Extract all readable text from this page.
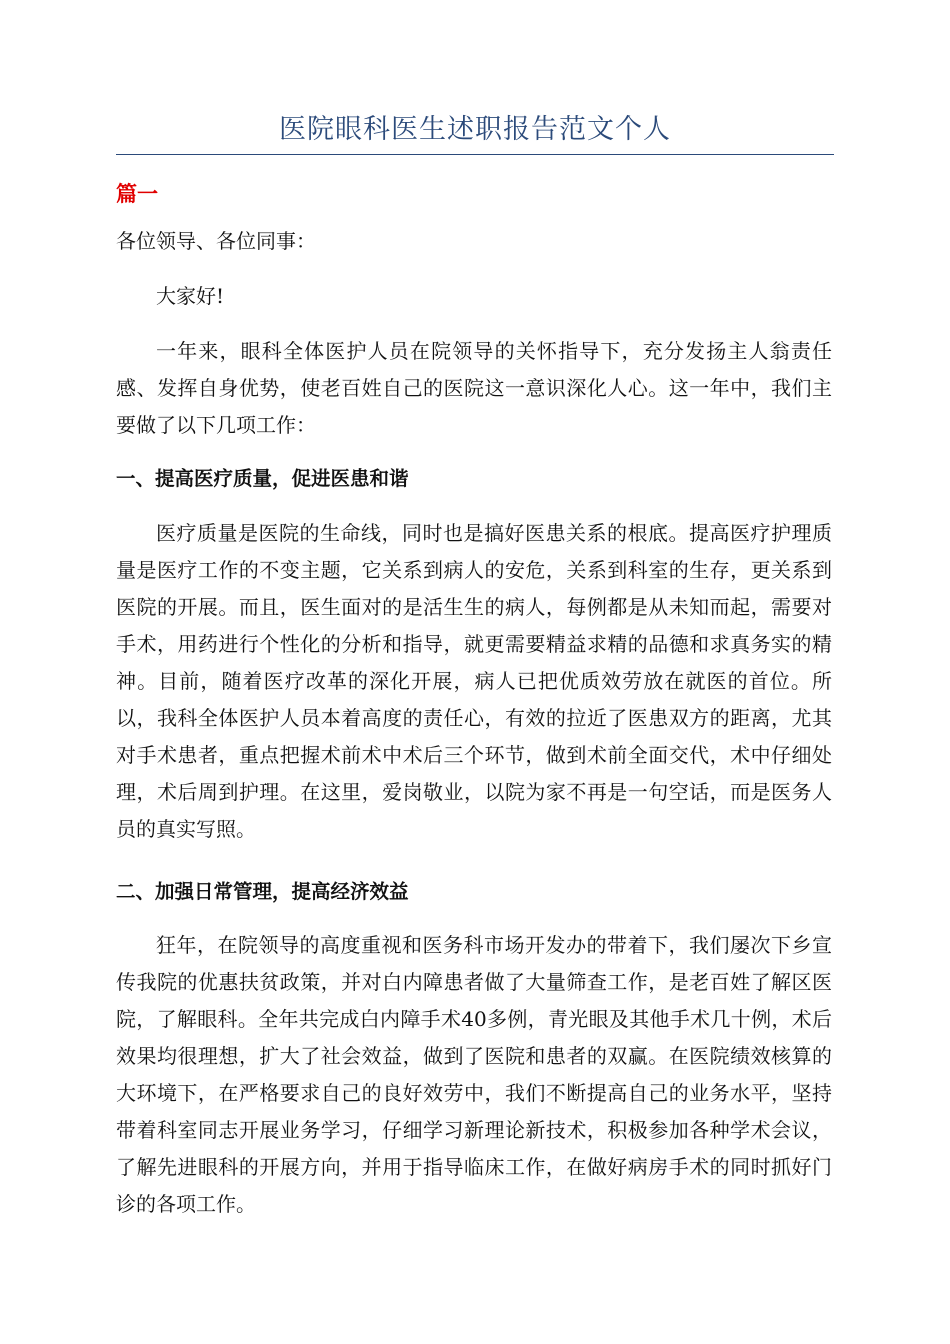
医院眼科医生述职报告范文个人
篇一

各位领导、各位同事：

大家好!

一年来，眼科全体医护人员在院领导的关怀指导下，充分发扬主人翁责任感、发挥自身优势，使老百姓自己的医院这一意识深化人心。这一年中，我们主要做了以下几项工作：

一、提高医疗质量，促进医患和谐

医疗质量是医院的生命线，同时也是搞好医患关系的根底。提高医疗护理质量是医疗工作的不变主题，它关系到病人的安危，关系到科室的生存，更关系到医院的开展。而且，医生面对的是活生生的病人，每例都是从未知而起，需要对手术，用药进行个性化的分析和指导，就更需要精益求精的品德和求真务实的精神。目前，随着医疗改革的深化开展，病人已把优质效劳放在就医的首位。所以，我科全体医护人员本着高度的责任心，有效的拉近了医患双方的距离，尤其对手术患者，重点把握术前术中术后三个环节，做到术前全面交代，术中仔细处理，术后周到护理。在这里，爱岗敬业，以院为家不再是一句空话，而是医务人员的真实写照。

二、加强日常管理，提高经济效益

狂年，在院领导的高度重视和医务科市场开发办的带着下，我们屡次下乡宣传我院的优惠扶贫政策，并对白内障患者做了大量筛查工作，是老百姓了解区医院，了解眼科。全年共完成白内障手术40多例，青光眼及其他手术几十例，术后效果均很理想，扩大了社会效益，做到了医院和患者的双赢。在医院绩效核算的大环境下，在严格要求自己的良好效劳中，我们不断提高自己的业务水平，坚持带着科室同志开展业务学习，仔细学习新理论新技术，积极参加各种学术会议，了解先进眼科的开展方向，并用于指导临床工作，在做好病房手术的同时抓好门诊的各项工作。
